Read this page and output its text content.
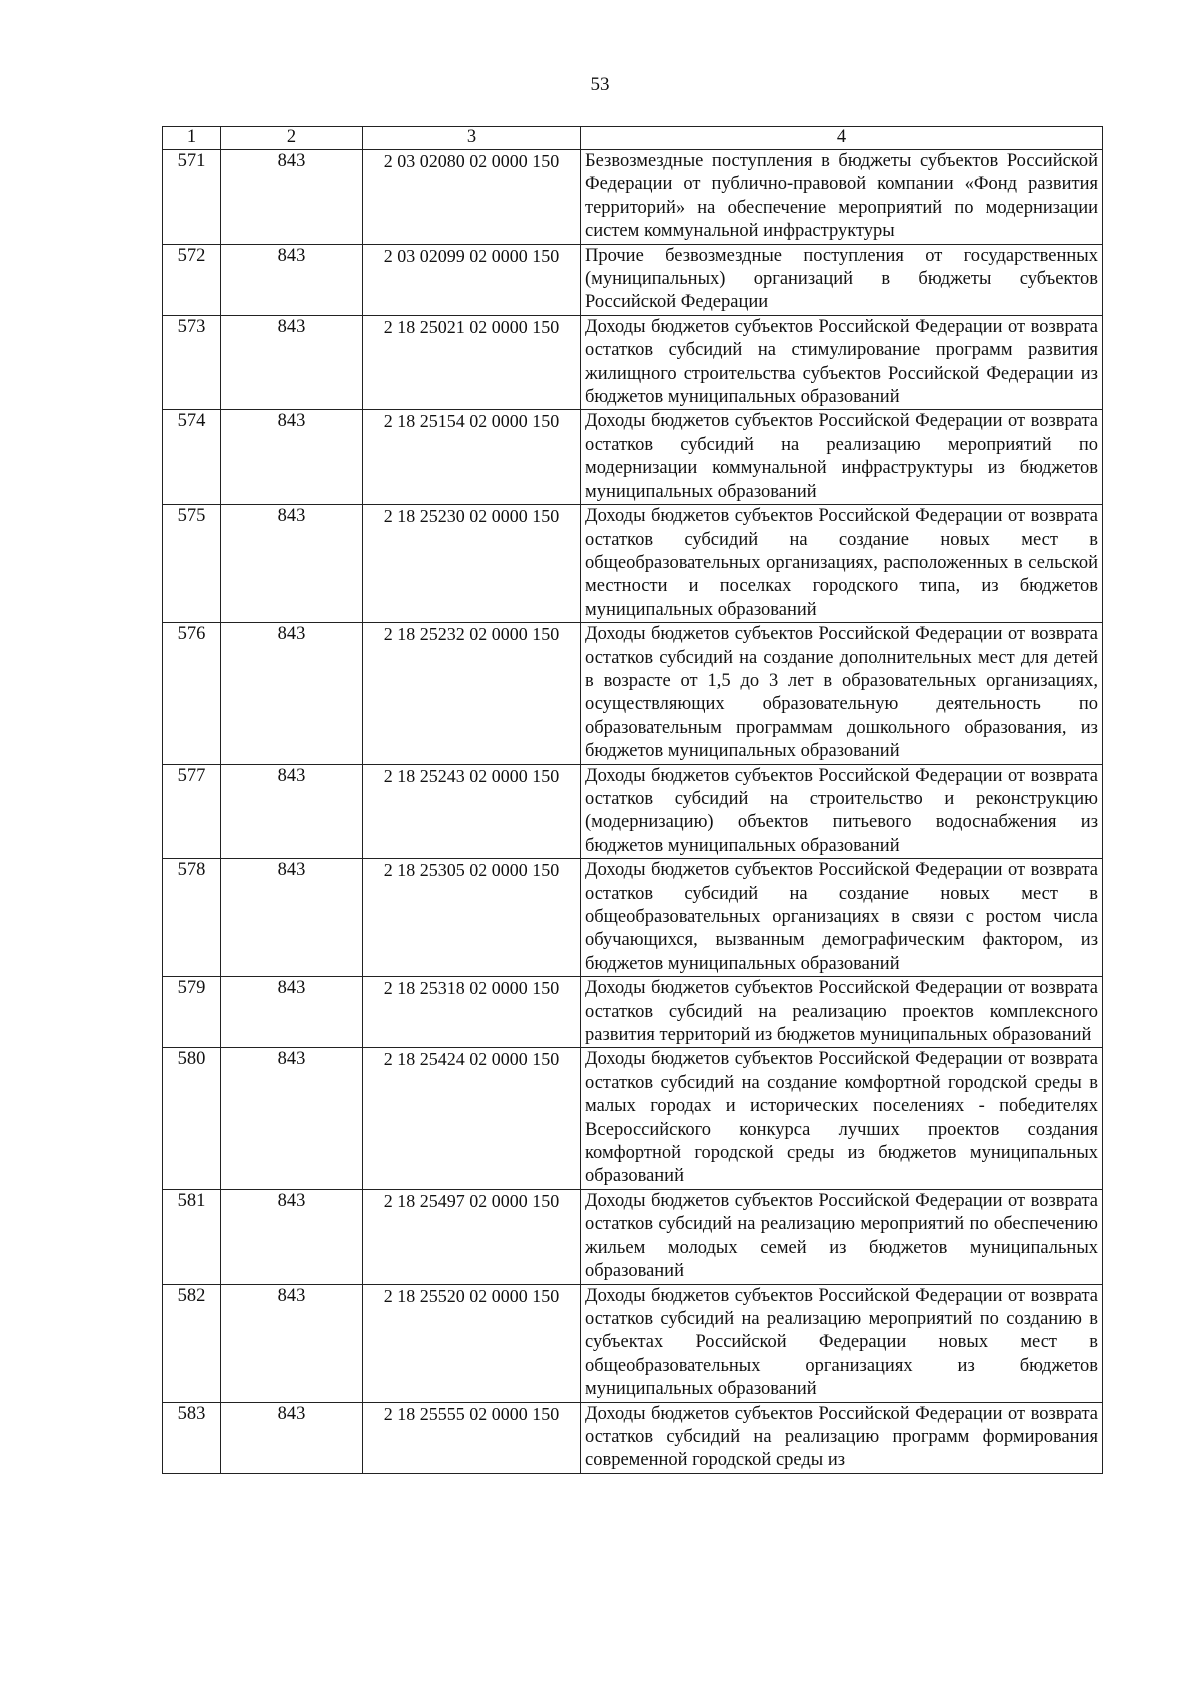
53
1	2	3	4
571	843	2 03 02080 02 0000 150	Безвозмездные поступления в бюджеты субъектов Российской Федерации от публично-правовой компании «Фонд развития территорий» на обеспечение мероприятий по модернизации систем коммунальной инфраструктуры
572	843	2 03 02099 02 0000 150	Прочие безвозмездные поступления от государственных (муниципальных) организаций в бюджеты субъектов Российской Федерации
573	843	2 18 25021 02 0000 150	Доходы бюджетов субъектов Российской Федерации от возврата остатков субсидий на стимулирование программ развития жилищного строительства субъектов Российской Федерации из бюджетов муниципальных образований
574	843	2 18 25154 02 0000 150	Доходы бюджетов субъектов Российской Федерации от возврата остатков субсидий на реализацию мероприятий по модернизации коммунальной инфраструктуры из бюджетов муниципальных образований
575	843	2 18 25230 02 0000 150	Доходы бюджетов субъектов Российской Федерации от возврата остатков субсидий на создание новых мест в общеобразовательных организациях, расположенных в сельской местности и поселках городского типа, из бюджетов муниципальных образований
576	843	2 18 25232 02 0000 150	Доходы бюджетов субъектов Российской Федерации от возврата остатков субсидий на создание дополнительных мест для детей в возрасте от 1,5 до 3 лет в образовательных организациях, осуществляющих образовательную деятельность по образовательным программам дошкольного образования, из бюджетов муниципальных образований
577	843	2 18 25243 02 0000 150	Доходы бюджетов субъектов Российской Федерации от возврата остатков субсидий на строительство и реконструкцию (модернизацию) объектов питьевого водоснабжения из бюджетов муниципальных образований
578	843	2 18 25305 02 0000 150	Доходы бюджетов субъектов Российской Федерации от возврата остатков субсидий на создание новых мест в общеобразовательных организациях в связи с ростом числа обучающихся, вызванным демографическим фактором, из бюджетов муниципальных образований
579	843	2 18 25318 02 0000 150	Доходы бюджетов субъектов Российской Федерации от возврата остатков субсидий на реализацию проектов комплексного развития территорий из бюджетов муниципальных образований
580	843	2 18 25424 02 0000 150	Доходы бюджетов субъектов Российской Федерации от возврата остатков субсидий на создание комфортной городской среды в малых городах и исторических поселениях - победителях Всероссийского конкурса лучших проектов создания комфортной городской среды из бюджетов муниципальных образований
581	843	2 18 25497 02 0000 150	Доходы бюджетов субъектов Российской Федерации от возврата остатков субсидий на реализацию мероприятий по обеспечению жильем молодых семей из бюджетов муниципальных образований
582	843	2 18 25520 02 0000 150	Доходы бюджетов субъектов Российской Федерации от возврата остатков субсидий на реализацию мероприятий по созданию в субъектах Российской Федерации новых мест в общеобразовательных организациях из бюджетов муниципальных образований
583	843	2 18 25555 02 0000 150	Доходы бюджетов субъектов Российской Федерации от возврата остатков субсидий на реализацию программ формирования современной городской среды из
